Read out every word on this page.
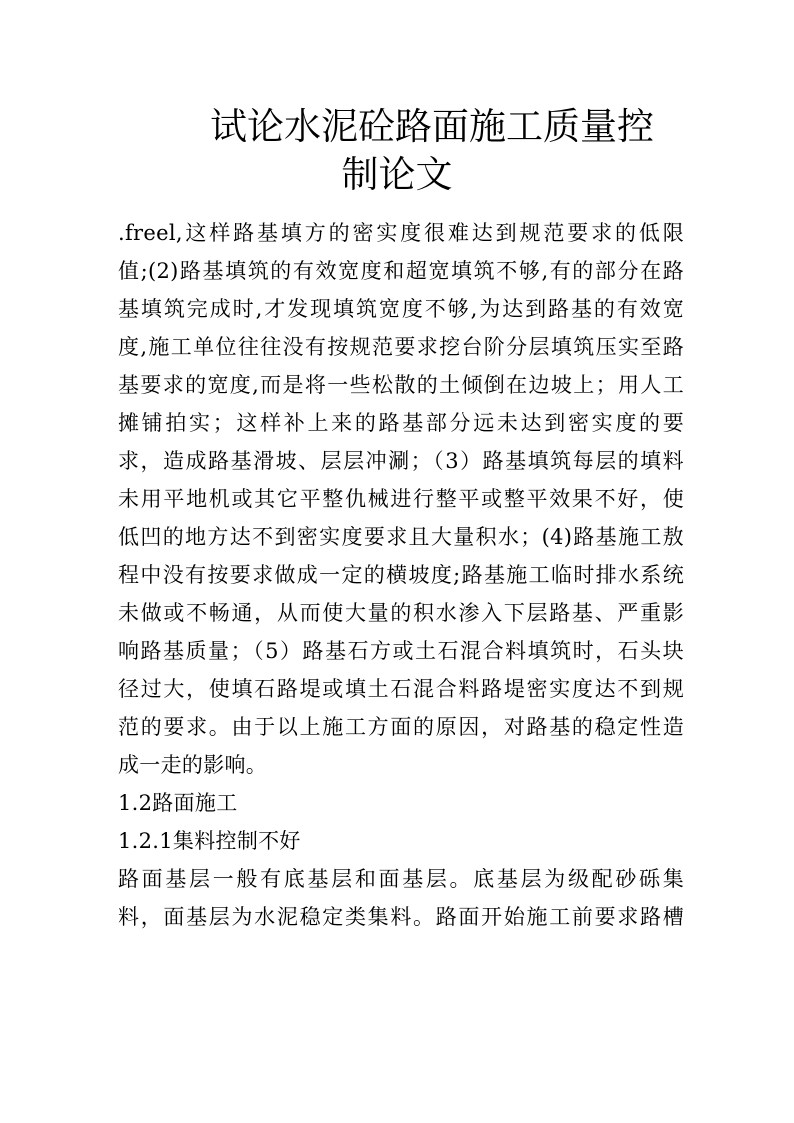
试论水泥砼路面施工质量控
制论文
.freel,这样路基填方的密实度很难达到规范要求的低限
值;(2)路基填筑的有效宽度和超宽填筑不够,有的部分在路
基填筑完成时,才发现填筑宽度不够,为达到路基的有效宽
度,施工单位往往没有按规范要求挖台阶分层填筑压实至路
基要求的宽度,而是将一些松散的土倾倒在边坡上；用人工
摊铺拍实；这样补上来的路基部分远未达到密实度的要
求，造成路基滑坡、层层冲涮；（3）路基填筑每层的填料
未用平地机或其它平整仇械进行整平或整平效果不好，使
低凹的地方达不到密实度要求且大量积水；(4)路基施工敖
程中没有按要求做成一定的横坡度;路基施工临时排水系统
未做或不畅通，从而使大量的积水渗入下层路基、严重影
响路基质量；（5）路基石方或土石混合料填筑时，石头块
径过大，使填石路堤或填土石混合料路堤密实度达不到规
范的要求。由于以上施工方面的原因，对路基的稳定性造
成一走的影响。
1.2路面施工
1.2.1集料控制不好
路面基层一般有底基层和面基层。底基层为级配砂砾集
料，面基层为水泥稳定类集料。路面开始施工前要求路槽
